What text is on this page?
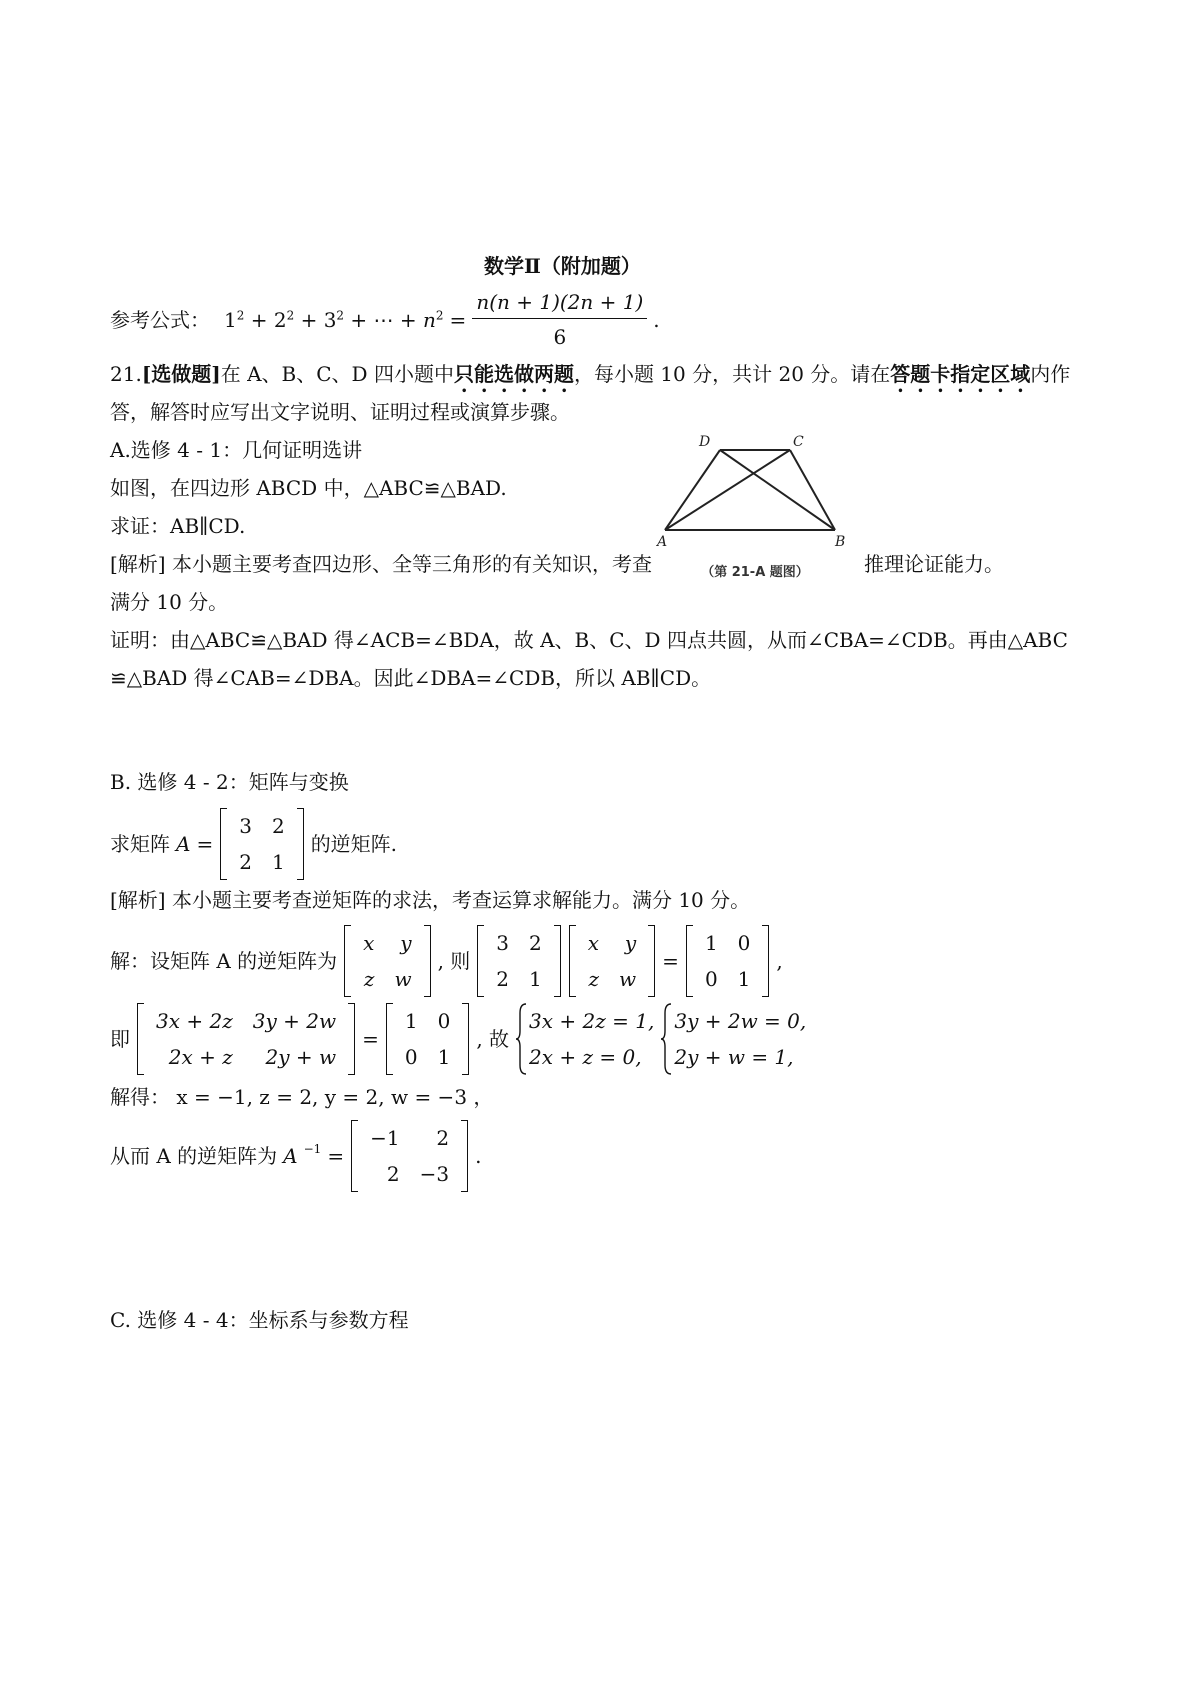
数学Ⅱ（附加题）
参考公式： $1^2 + 2^2 + 3^2$ + ⋯ + $n^2 = \frac{n(n + 1)(2n + 1)}{6}$ .
21.[选做题]在 A、B、C、D 四小题中只能选做两题，每小题 10 分，共计 20 分。请在答题卡指定区域内作
答，解答时应写出文字说明、证明过程或演算步骤。
A.选修 4 - 1：几何证明选讲
如图，在四边形 ABCD 中，△ABC≌△BAD.
求证：AB∥CD.
[解析] 本小题主要考查四边形、全等三角形的有关知识，考查	推理论证能力。
满分 10 分。
证明：由△ABC≌△BAD 得∠ACB=∠BDA，故 A、B、C、D 四点共圆，从而∠CBA=∠CDB。再由△ABC
≌△BAD 得∠CAB=∠DBA。因此∠DBA=∠CDB，所以 AB∥CD。
D	C
A	B
（第 21-A 题图）
B. 选修 4 - 2：矩阵与变换
求矩阵 A =
3	2
2	1
的逆矩阵.
[解析] 本小题主要考查逆矩阵的求法，考查运算求解能力。满分 10 分。
解：设矩阵 A 的逆矩阵为
x	y
z	w
, 则
3	2
2	1
x	y
z	w
=
1	0
0	1
,
即
3x + 2z	3y + 2w
2x + z	2y + w
=
1	0
0	1
, 故
3x + 2z = 1,
2x + z = 0,
3y + 2w = 0,
2y + w = 1,
解得： x = −1, z = 2, y = 2, w = −3 ，
从而 A 的逆矩阵为 A −1 =
−1	2
2	−3
.
C. 选修 4 - 4：坐标系与参数方程
